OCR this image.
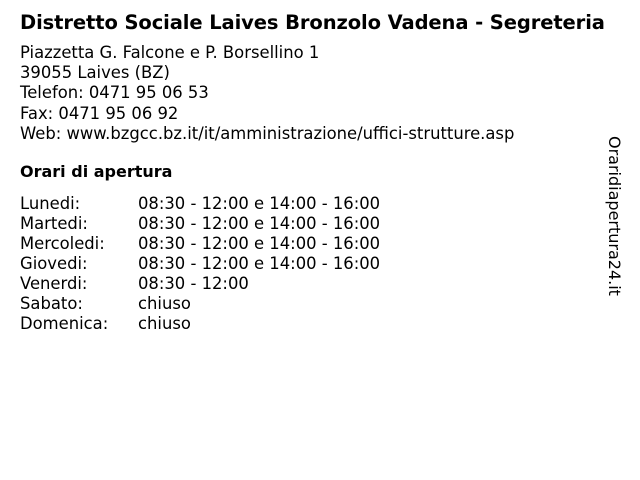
Distretto Sociale Laives Bronzolo Vadena - Segreteria
Piazzetta G. Falcone e P. Borsellino 1
39055 Laives (BZ)
Telefon: 0471 95 06 53
Fax: 0471 95 06 92
Web: www.bzgcc.bz.it/it/amministrazione/uffici-strutture.asp
Orari di apertura
Lunedi:	08:30 - 12:00 e 14:00 - 16:00
Martedi:	08:30 - 12:00 e 14:00 - 16:00
Mercoledi:	08:30 - 12:00 e 14:00 - 16:00
Giovedi:	08:30 - 12:00 e 14:00 - 16:00
Venerdi:	08:30 - 12:00
Sabato:	chiuso
Domenica:	chiuso
Oraridiapertura24.it
